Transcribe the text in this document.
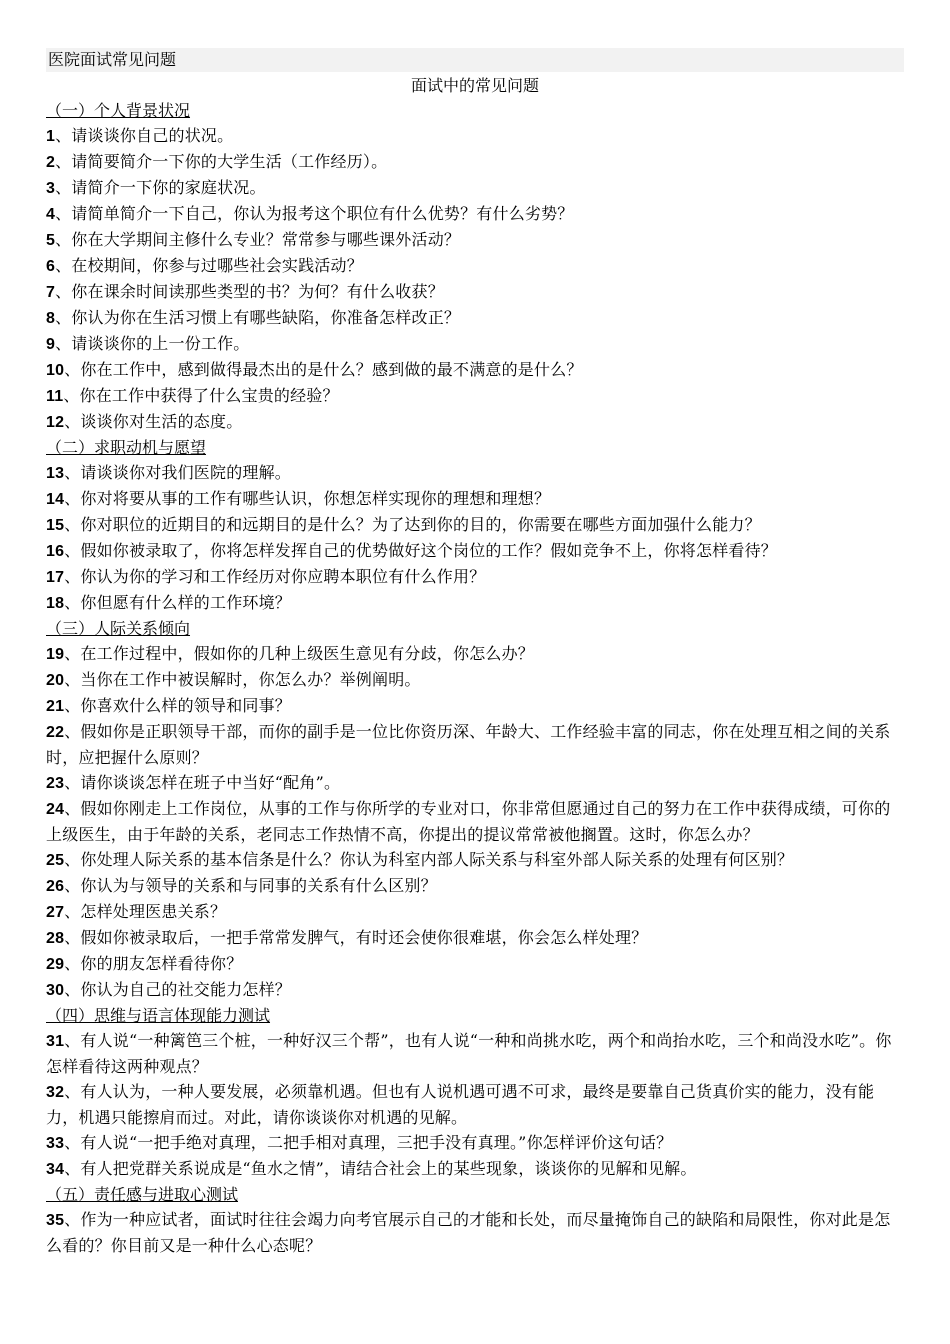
医院面试常见问题

面试中的常见问题

（一）个人背景状况

1、请谈谈你自己的状况。

2、请简要简介一下你的大学生活（工作经历）。

3、请简介一下你的家庭状况。

4、请简单简介一下自己，你认为报考这个职位有什么优势？有什么劣势？

5、你在大学期间主修什么专业？常常参与哪些课外活动？

6、在校期间，你参与过哪些社会实践活动？

7、你在课余时间读那些类型的书？为何？有什么收获？

8、你认为你在生活习惯上有哪些缺陷，你准备怎样改正？

9、请谈谈你的上一份工作。

10、你在工作中，感到做得最杰出的是什么？感到做的最不满意的是什么？

11、你在工作中获得了什么宝贵的经验？

12、谈谈你对生活的态度。

（二）求职动机与愿望

13、请谈谈你对我们医院的理解。

14、你对将要从事的工作有哪些认识，你想怎样实现你的理想和理想？

15、你对职位的近期目的和远期目的是什么？为了达到你的目的，你需要在哪些方面加强什么能力？

16、假如你被录取了，你将怎样发挥自己的优势做好这个岗位的工作？假如竞争不上，你将怎样看待？

17、你认为你的学习和工作经历对你应聘本职位有什么作用？

18、你但愿有什么样的工作环境？

（三）人际关系倾向

19、在工作过程中，假如你的几种上级医生意见有分歧，你怎么办？

20、当你在工作中被误解时，你怎么办？举例阐明。

21、你喜欢什么样的领导和同事？

22、假如你是正职领导干部，而你的副手是一位比你资历深、年龄大、工作经验丰富的同志，你在处理互相之间的关系时，应把握什么原则？

23、请你谈谈怎样在班子中当好“配角”。

24、假如你刚走上工作岗位，从事的工作与你所学的专业对口，你非常但愿通过自己的努力在工作中获得成绩，可你的上级医生，由于年龄的关系，老同志工作热情不高，你提出的提议常常被他搁置。这时，你怎么办？

25、你处理人际关系的基本信条是什么？你认为科室内部人际关系与科室外部人际关系的处理有何区别？

26、你认为与领导的关系和与同事的关系有什么区别？

27、怎样处理医患关系？

28、假如你被录取后，一把手常常发脾气，有时还会使你很难堪，你会怎么样处理？

29、你的朋友怎样看待你？

30、你认为自己的社交能力怎样？

（四）思维与语言体现能力测试

31、有人说“一种篱笆三个桩，一种好汉三个帮”，也有人说“一种和尚挑水吃，两个和尚抬水吃，三个和尚没水吃”。你怎样看待这两种观点？

32、有人认为，一种人要发展，必须靠机遇。但也有人说机遇可遇不可求，最终是要靠自己货真价实的能力，没有能力，机遇只能擦肩而过。对此，请你谈谈你对机遇的见解。

33、有人说“一把手绝对真理，二把手相对真理，三把手没有真理。”你怎样评价这句话？

34、有人把党群关系说成是“鱼水之情”，请结合社会上的某些现象，谈谈你的见解和见解。

（五）责任感与进取心测试

35、作为一种应试者，面试时往往会竭力向考官展示自己的才能和长处，而尽量掩饰自己的缺陷和局限性，你对此是怎么看的？你目前又是一种什么心态呢？
